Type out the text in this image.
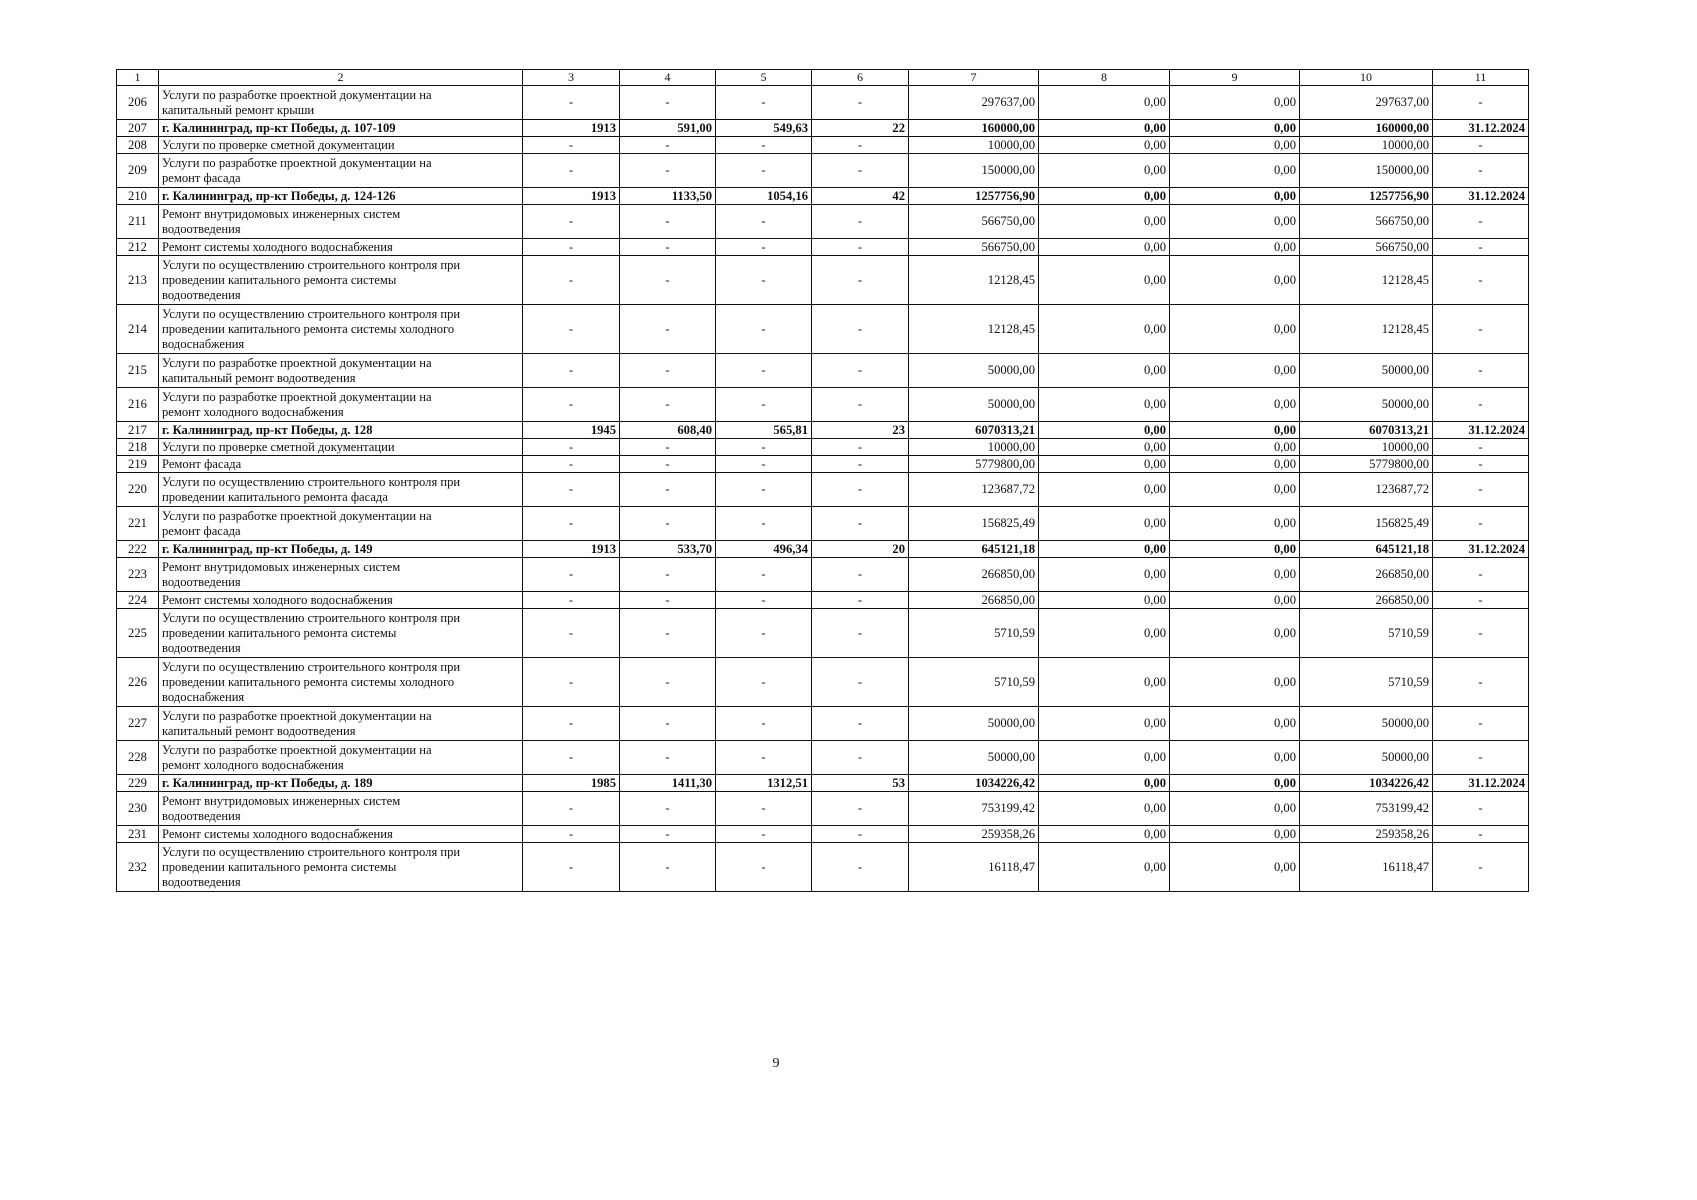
1	2	3	4	5	6	7	8	9	10	11
206	Услуги по разработке проектной документации на
капитальный ремонт крыши	-	-	-	-	297637,00	0,00	0,00	297637,00	-
207	г. Калининград, пр-кт Победы, д. 107-109	1913	591,00	549,63	22	160000,00	0,00	0,00	160000,00	31.12.2024
208	Услуги по проверке сметной документации	-	-	-	-	10000,00	0,00	0,00	10000,00	-
209	Услуги по разработке проектной документации на
ремонт фасада	-	-	-	-	150000,00	0,00	0,00	150000,00	-
210	г. Калининград, пр-кт Победы, д. 124-126	1913	1133,50	1054,16	42	1257756,90	0,00	0,00	1257756,90	31.12.2024
211	Ремонт внутридомовых инженерных систем
водоотведения	-	-	-	-	566750,00	0,00	0,00	566750,00	-
212	Ремонт системы холодного водоснабжения	-	-	-	-	566750,00	0,00	0,00	566750,00	-
213	Услуги по осуществлению строительного контроля при
проведении капитального ремонта системы
водоотведения	-	-	-	-	12128,45	0,00	0,00	12128,45	-
214	Услуги по осуществлению строительного контроля при
проведении капитального ремонта системы холодного
водоснабжения	-	-	-	-	12128,45	0,00	0,00	12128,45	-
215	Услуги по разработке проектной документации на
капитальный ремонт водоотведения	-	-	-	-	50000,00	0,00	0,00	50000,00	-
216	Услуги по разработке проектной документации на
ремонт холодного водоснабжения	-	-	-	-	50000,00	0,00	0,00	50000,00	-
217	г. Калининград, пр-кт Победы, д. 128	1945	608,40	565,81	23	6070313,21	0,00	0,00	6070313,21	31.12.2024
218	Услуги по проверке сметной документации	-	-	-	-	10000,00	0,00	0,00	10000,00	-
219	Ремонт фасада	-	-	-	-	5779800,00	0,00	0,00	5779800,00	-
220	Услуги по осуществлению строительного контроля при
проведении капитального ремонта фасада	-	-	-	-	123687,72	0,00	0,00	123687,72	-
221	Услуги по разработке проектной документации на
ремонт фасада	-	-	-	-	156825,49	0,00	0,00	156825,49	-
222	г. Калининград, пр-кт Победы, д. 149	1913	533,70	496,34	20	645121,18	0,00	0,00	645121,18	31.12.2024
223	Ремонт внутридомовых инженерных систем
водоотведения	-	-	-	-	266850,00	0,00	0,00	266850,00	-
224	Ремонт системы холодного водоснабжения	-	-	-	-	266850,00	0,00	0,00	266850,00	-
225	Услуги по осуществлению строительного контроля при
проведении капитального ремонта системы
водоотведения	-	-	-	-	5710,59	0,00	0,00	5710,59	-
226	Услуги по осуществлению строительного контроля при
проведении капитального ремонта системы холодного
водоснабжения	-	-	-	-	5710,59	0,00	0,00	5710,59	-
227	Услуги по разработке проектной документации на
капитальный ремонт водоотведения	-	-	-	-	50000,00	0,00	0,00	50000,00	-
228	Услуги по разработке проектной документации на
ремонт холодного водоснабжения	-	-	-	-	50000,00	0,00	0,00	50000,00	-
229	г. Калининград, пр-кт Победы, д. 189	1985	1411,30	1312,51	53	1034226,42	0,00	0,00	1034226,42	31.12.2024
230	Ремонт внутридомовых инженерных систем
водоотведения	-	-	-	-	753199,42	0,00	0,00	753199,42	-
231	Ремонт системы холодного водоснабжения	-	-	-	-	259358,26	0,00	0,00	259358,26	-
232	Услуги по осуществлению строительного контроля при
проведении капитального ремонта системы
водоотведения	-	-	-	-	16118,47	0,00	0,00	16118,47	-
9
